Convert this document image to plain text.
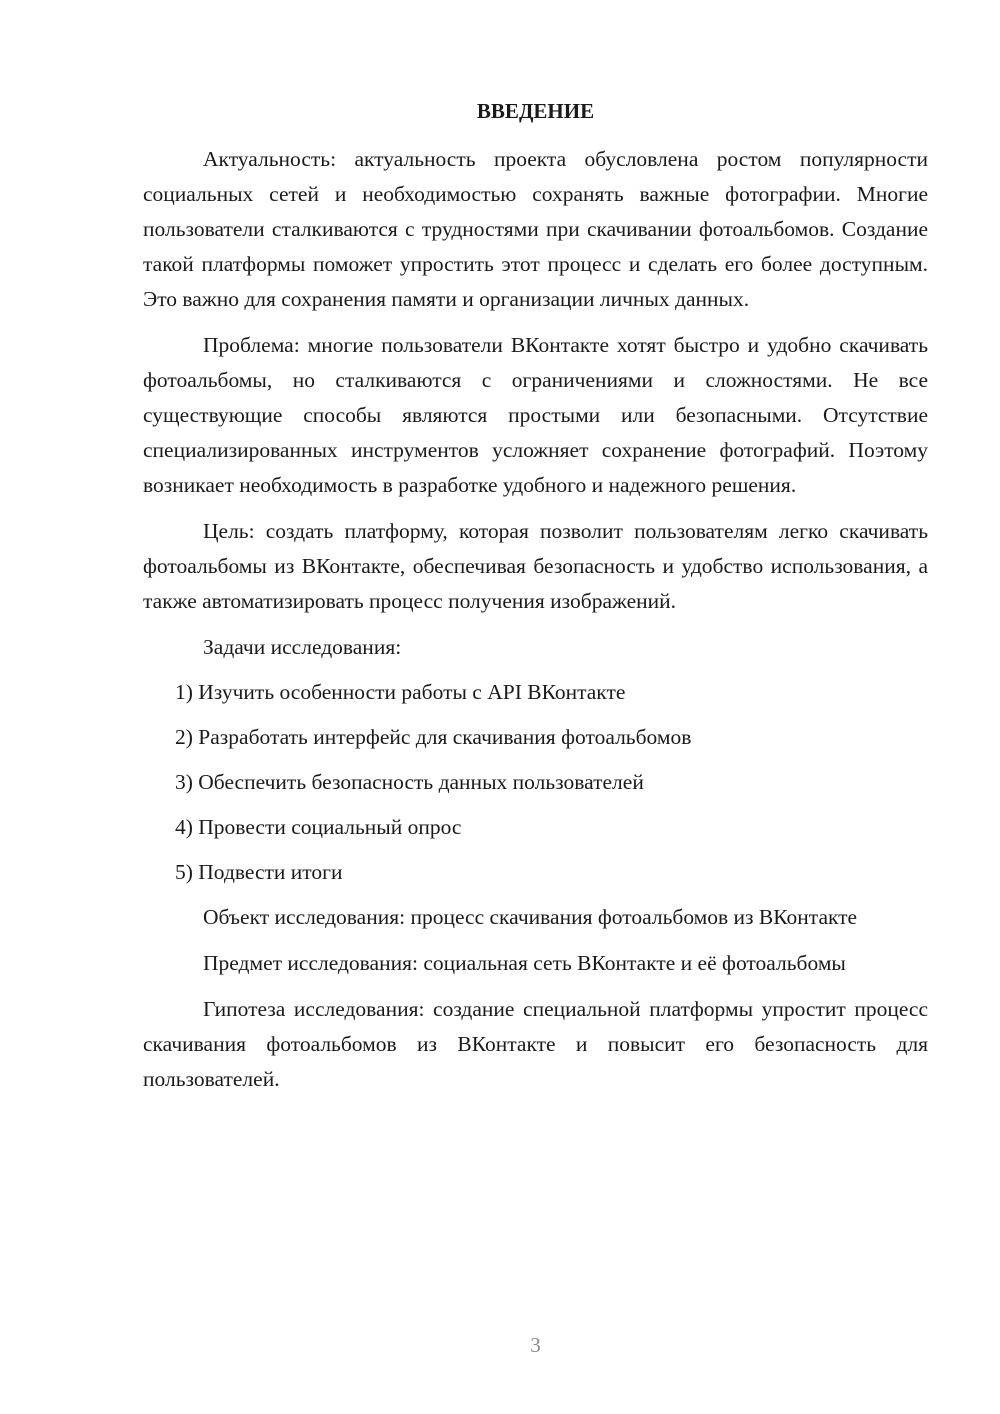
ВВЕДЕНИЕ

Актуальность: актуальность проекта обусловлена ростом популярности социальных сетей и необходимостью сохранять важные фотографии. Многие пользователи сталкиваются с трудностями при скачивании фотоальбомов. Создание такой платформы поможет упростить этот процесс и сделать его более доступным. Это важно для сохранения памяти и организации личных данных.

Проблема: многие пользователи ВКонтакте хотят быстро и удобно скачивать фотоальбомы, но сталкиваются с ограничениями и сложностями. Не все существующие способы являются простыми или безопасными. Отсутствие специализированных инструментов усложняет сохранение фотографий. Поэтому возникает необходимость в разработке удобного и надежного решения.

Цель: создать платформу, которая позволит пользователям легко скачивать фотоальбомы из ВКонтакте, обеспечивая безопасность и удобство использования, а также автоматизировать процесс получения изображений.

Задачи исследования:

1) Изучить особенности работы с API ВКонтакте
2) Разработать интерфейс для скачивания фотоальбомов
3) Обеспечить безопасность данных пользователей
4) Провести социальный опрос
5) Подвести итоги

Объект исследования: процесс скачивания фотоальбомов из ВКонтакте

Предмет исследования: социальная сеть ВКонтакте и её фотоальбомы

Гипотеза исследования: создание специальной платформы упростит процесс скачивания фотоальбомов из ВКонтакте и повысит его безопасность для пользователей.

3
